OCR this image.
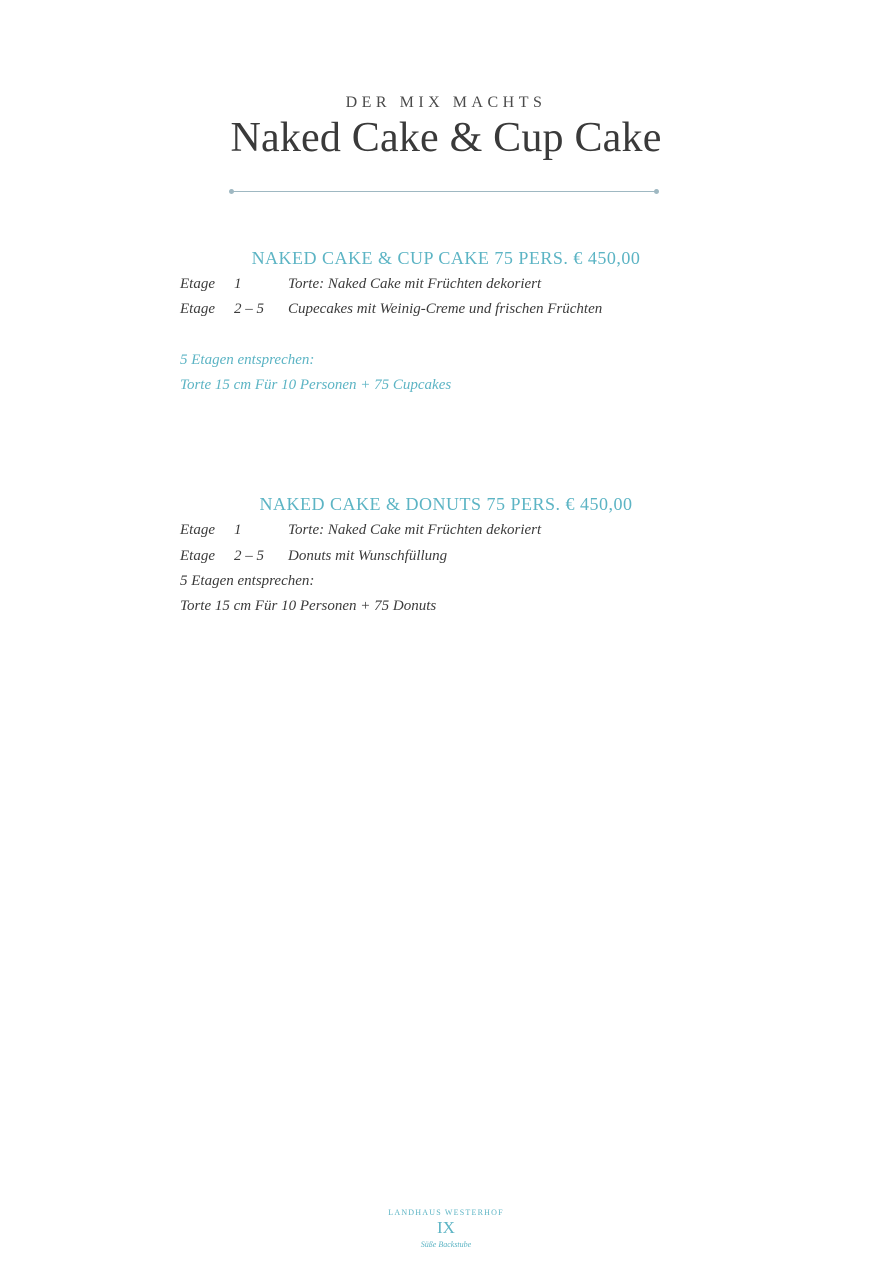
DER MIX MACHTS
Naked Cake & Cup Cake
NAKED CAKE & CUP CAKE 75 PERS. € 450,00
Etage 1	Torte: Naked Cake mit Früchten dekoriert
Etage 2 – 5 Cupecakes mit Weinig-Creme und frischen Früchten
5 Etagen entsprechen:
Torte 15 cm Für 10 Personen + 75 Cupcakes
NAKED CAKE & DONUTS 75 PERS. € 450,00
Etage 1	Torte: Naked Cake mit Früchten dekoriert
Etage 2 – 5 Donuts mit Wunschfüllung
5 Etagen entsprechen:
Torte 15 cm Für 10 Personen + 75 Donuts
LANDHAUS WESTERHOF
IX
Süße Backstube
